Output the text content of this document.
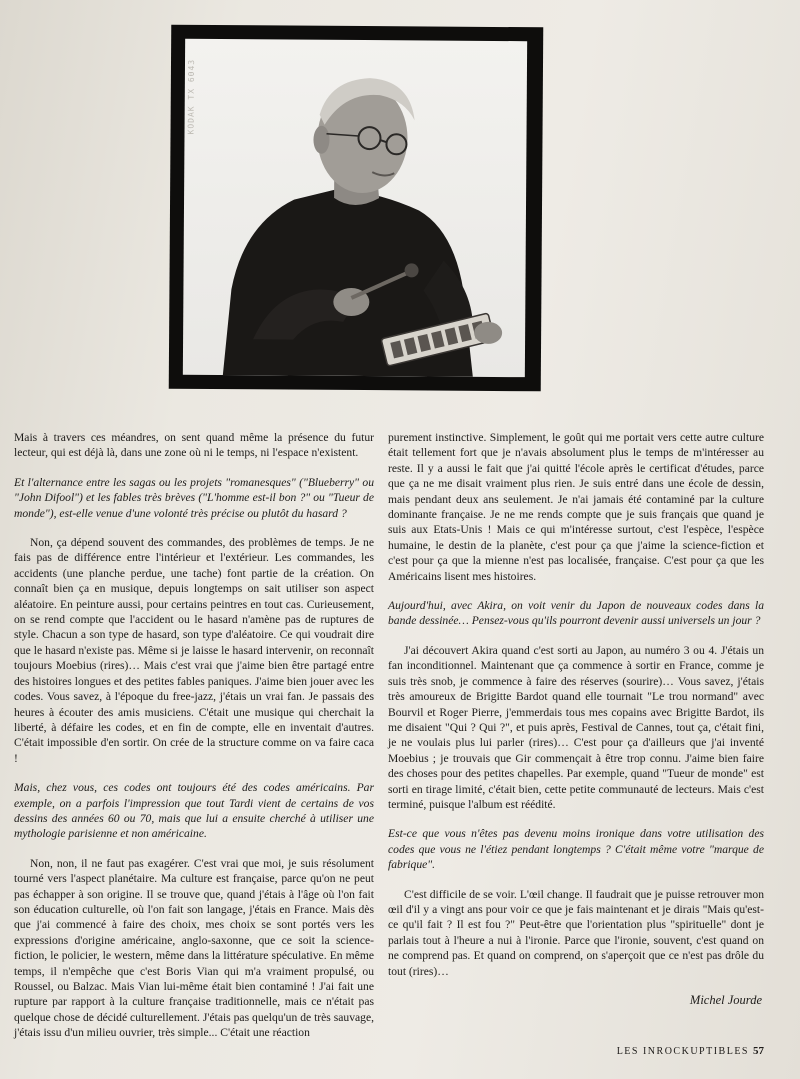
KODAK TX 6043

Mais à travers ces méandres, on sent quand même la présence du futur lecteur, qui est déjà là, dans une zone où ni le temps, ni l'espace n'existent.

Et l'alternance entre les sagas ou les projets "romanesques" ("Blueberry" ou "John Difool") et les fables très brèves ("L'homme est-il bon ?" ou "Tueur de monde"), est-elle venue d'une volonté très précise ou plutôt du hasard ?

Non, ça dépend souvent des commandes, des problèmes de temps. Je ne fais pas de différence entre l'intérieur et l'extérieur. Les commandes, les accidents (une planche perdue, une tache) font partie de la création. On connaît bien ça en musique, depuis longtemps on sait utiliser son aspect aléatoire. En peinture aussi, pour certains peintres en tout cas. Curieusement, on se rend compte que l'accident ou le hasard n'amène pas de ruptures de style. Chacun a son type de hasard, son type d'aléatoire. Ce qui voudrait dire que le hasard n'existe pas. Même si je laisse le hasard intervenir, on reconnaît toujours Moebius (rires)… Mais c'est vrai que j'aime bien être partagé entre des histoires longues et des petites fables paniques. J'aime bien jouer avec les codes. Vous savez, à l'époque du free-jazz, j'étais un vrai fan. Je passais des heures à écouter des amis musiciens. C'était une musique qui cherchait la liberté, à défaire les codes, et en fin de compte, elle en inventait d'autres. C'était impossible d'en sortir. On crée de la structure comme on va faire caca !

Mais, chez vous, ces codes ont toujours été des codes américains. Par exemple, on a parfois l'impression que tout Tardi vient de certains de vos dessins des années 60 ou 70, mais que lui a ensuite cherché à utiliser une mythologie parisienne et non américaine.

Non, non, il ne faut pas exagérer. C'est vrai que moi, je suis résolument tourné vers l'aspect planétaire. Ma culture est française, parce qu'on ne peut pas échapper à son origine. Il se trouve que, quand j'étais à l'âge où l'on fait son éducation culturelle, où l'on fait son langage, j'étais en France. Mais dès que j'ai commencé à faire des choix, mes choix se sont portés vers les expressions d'origine américaine, anglo-saxonne, que ce soit la science-fiction, le policier, le western, même dans la littérature spéculative. En même temps, il n'empêche que c'est Boris Vian qui m'a vraiment propulsé, ou Roussel, ou Balzac. Mais Vian lui-même était bien contaminé ! J'ai fait une rupture par rapport à la culture française traditionnelle, mais ce n'était pas quelque chose de décidé culturellement. J'étais pas quelqu'un de très sauvage, j'étais issu d'un milieu ouvrier, très simple... C'était une réaction

purement instinctive. Simplement, le goût qui me portait vers cette autre culture était tellement fort que je n'avais absolument plus le temps de m'intéresser au reste. Il y a aussi le fait que j'ai quitté l'école après le certificat d'études, parce que ça ne me disait vraiment plus rien. Je suis entré dans une école de dessin, mais pendant deux ans seulement. Je n'ai jamais été contaminé par la culture dominante française. Je ne me rends compte que je suis français que quand je suis aux Etats-Unis ! Mais ce qui m'intéresse surtout, c'est l'espèce, l'espèce humaine, le destin de la planète, c'est pour ça que j'aime la science-fiction et c'est pour ça que la mienne n'est pas localisée, française. C'est pour ça que les Américains lisent mes histoires.

Aujourd'hui, avec Akira, on voit venir du Japon de nouveaux codes dans la bande dessinée… Pensez-vous qu'ils pourront devenir aussi universels un jour ?

J'ai découvert Akira quand c'est sorti au Japon, au numéro 3 ou 4. J'étais un fan inconditionnel. Maintenant que ça commence à sortir en France, comme je suis très snob, je commence à faire des réserves (sourire)… Vous savez, j'étais très amoureux de Brigitte Bardot quand elle tournait "Le trou normand" avec Bourvil et Roger Pierre, j'emmerdais tous mes copains avec Brigitte Bardot, ils me disaient "Qui ? Qui ?", et puis après, Festival de Cannes, tout ça, c'était fini, je ne voulais plus lui parler (rires)… C'est pour ça d'ailleurs que j'ai inventé Moebius ; je trouvais que Gir commençait à être trop connu. J'aime bien faire des choses pour des petites chapelles. Par exemple, quand "Tueur de monde" est sorti en tirage limité, c'était bien, cette petite communauté de lecteurs. Mais c'est terminé, puisque l'album est réédité.

Est-ce que vous n'êtes pas devenu moins ironique dans votre utilisation des codes que vous ne l'étiez pendant longtemps ? C'était même votre "marque de fabrique".

C'est difficile de se voir. L'œil change. Il faudrait que je puisse retrouver mon œil d'il y a vingt ans pour voir ce que je fais maintenant et je dirais "Mais qu'est-ce qu'il fait ? Il est fou ?" Peut-être que l'orientation plus "spirituelle" dont je parlais tout à l'heure a nui à l'ironie. Parce que l'ironie, souvent, c'est quand on ne comprend pas. Et quand on comprend, on s'aperçoit que ce n'est pas drôle du tout (rires)…

Michel Jourde
LES INROCKUPTIBLES 57
